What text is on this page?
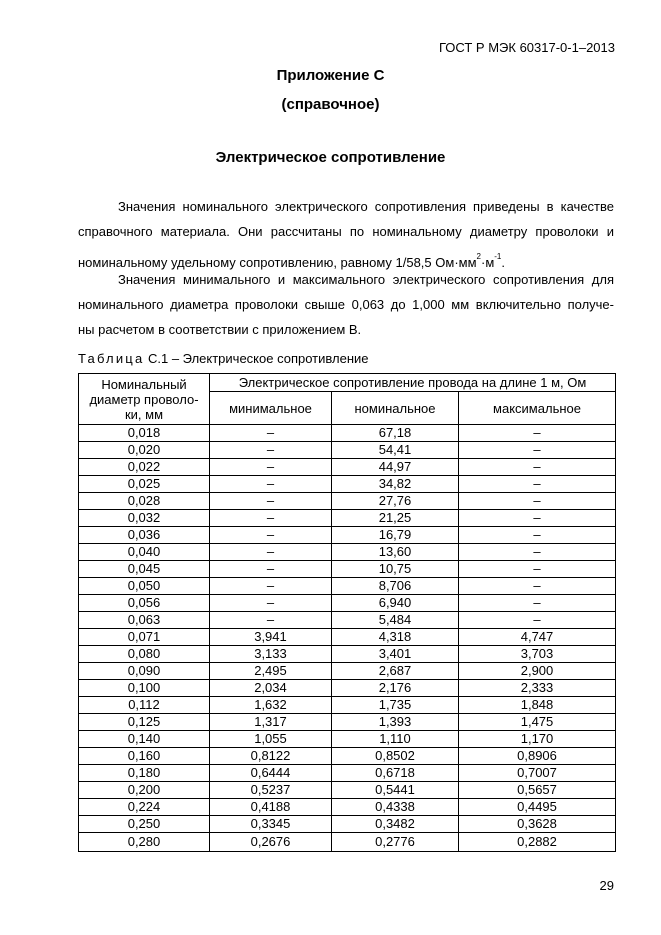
ГОСТ Р МЭК 60317-0-1–2013
Приложение C
(справочное)
Электрическое сопротивление
Значения номинального электрического сопротивления приведены в качестве
справочного материала. Они рассчитаны по номинальному диаметру проволоки и
номинальному удельному сопротивлению, равному 1/58,5 $Ом\cdot мм^2\cdot м^{-1}$.
Значения минимального и максимального электрического сопротивления для
номинального диаметра проволоки свыше 0,063 до 1,000 мм включительно получе-
ны расчетом в соответствии с приложением B.
Таблица C.1 – Электрическое сопротивление
Номинальный диаметр проволо-ки, мм	Электрическое сопротивление провода на длине 1 м, Ом		
	минимальное	номинальное	максимальное
0,018	–	67,18	–
0,020	–	54,41	–
0,022	–	44,97	–
0,025	–	34,82	–
0,028	–	27,76	–
0,032	–	21,25	–
0,036	–	16,79	–
0,040	–	13,60	–
0,045	–	10,75	–
0,050	–	8,706	–
0,056	–	6,940	–
0,063	–	5,484	–
0,071	3,941	4,318	4,747
0,080	3,133	3,401	3,703
0,090	2,495	2,687	2,900
0,100	2,034	2,176	2,333
0,112	1,632	1,735	1,848
0,125	1,317	1,393	1,475
0,140	1,055	1,110	1,170
0,160	0,8122	0,8502	0,8906
0,180	0,6444	0,6718	0,7007
0,200	0,5237	0,5441	0,5657
0,224	0,4188	0,4338	0,4495
0,250	0,3345	0,3482	0,3628
0,280	0,2676	0,2776	0,2882
29
